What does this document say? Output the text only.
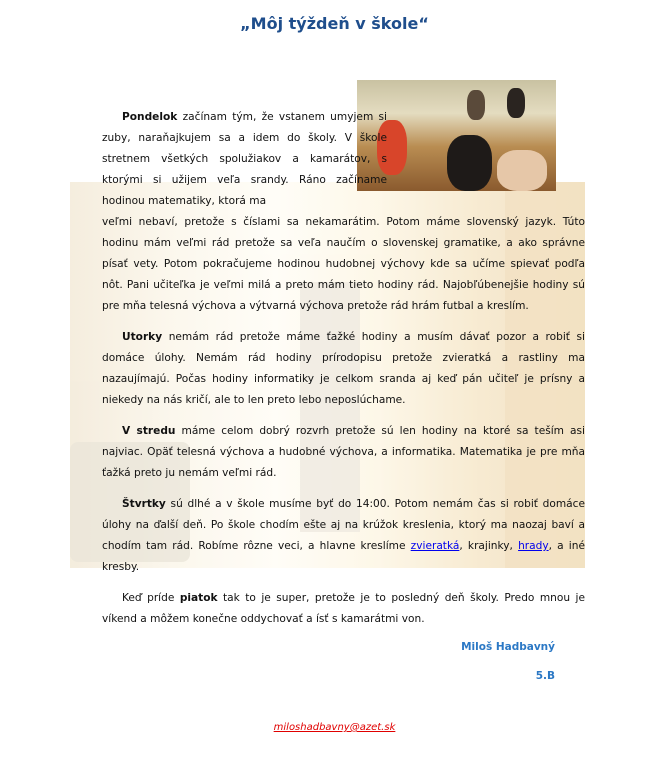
„Môj týždeň v škole“

Pondelok začínam tým, že vstanem umyjem si zuby, naraňajkujem sa a idem do školy. V škole stretnem všetkých spolužiakov a kamarátov, s ktorými si užijem veľa srandy. Ráno začíname hodinou matematiky, ktorá ma

veľmi nebaví, pretože s číslami sa nekamarátim. Potom máme slovenský jazyk. Túto hodinu mám veľmi rád pretože sa veľa naučím o slovenskej gramatike, a ako správne písať vety. Potom pokračujeme hodinou hudobnej výchovy kde sa učíme spievať podľa nôt. Pani učiteľka je veľmi milá a preto mám tieto hodiny rád. Najobľúbenejšie hodiny sú pre mňa telesná výchova a výtvarná výchova pretože rád hrám futbal a kreslím.

Utorky nemám rád pretože máme ťažké hodiny a musím dávať pozor a robiť si domáce úlohy. Nemám rád hodiny prírodopisu pretože zvieratká a rastliny ma nazaujímajú. Počas hodiny informatiky je celkom sranda aj keď pán učiteľ je prísny a niekedy na nás kričí, ale to len preto lebo neposlúchame.

V stredu máme celom dobrý rozvrh pretože sú len hodiny na ktoré sa teším asi najviac. Opäť telesná výchova a hudobné výchova, a informatika. Matematika je pre mňa ťažká preto ju nemám veľmi rád.

Štvrtky sú dlhé a v škole musíme byť do 14:00. Potom nemám čas si robiť domáce úlohy na ďalší deň. Po škole chodím ešte aj na krúžok kreslenia, ktorý ma naozaj baví a chodím tam rád. Robíme rôzne veci, a hlavne kreslíme zvieratká, krajinky, hrady, a iné kresby.

Keď príde piatok tak to je super, pretože je to posledný deň školy. Predo mnou je víkend a môžem konečne oddychovať a ísť s kamarátmi von.

Miloš Hadbavný
5.B
miloshadbavny@azet.sk
